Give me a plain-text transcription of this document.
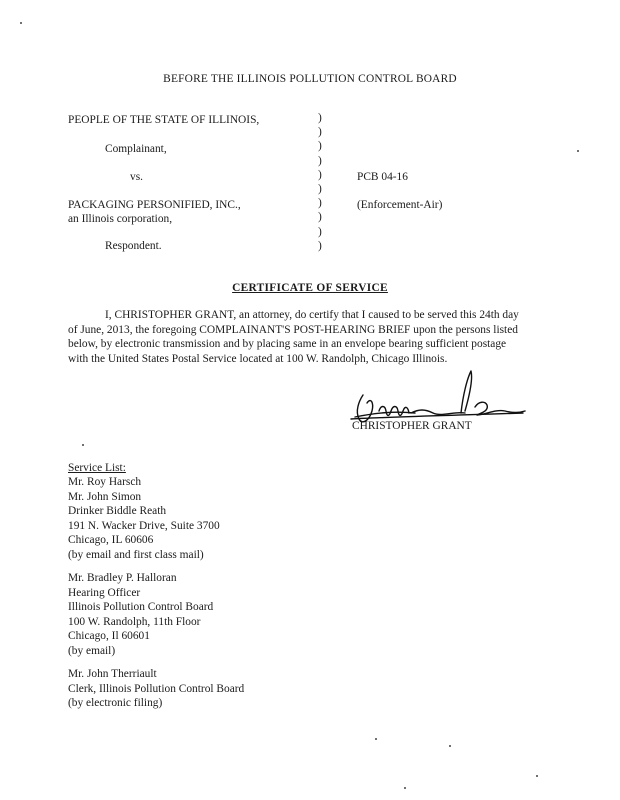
BEFORE THE ILLINOIS POLLUTION CONTROL BOARD
PEOPLE OF THE STATE OF ILLINOIS,
Complainant,
vs.
PACKAGING PERSONIFIED, INC.,
an Illinois corporation,
Respondent.
)
)
)
)
)
)
)
)
)
)
PCB 04-16
(Enforcement-Air)
CERTIFICATE OF SERVICE
I, CHRISTOPHER GRANT, an attorney, do certify that I caused to be served this 24th day of June, 2013, the foregoing COMPLAINANT'S POST-HEARING BRIEF upon the persons listed below, by electronic transmission and by placing same in an envelope bearing sufficient postage with the United States Postal Service located at 100 W. Randolph, Chicago Illinois.
CHRISTOPHER GRANT
Service List:
Mr. Roy Harsch
Mr. John Simon
Drinker Biddle Reath
191 N. Wacker Drive, Suite 3700
Chicago, IL 60606
(by email and first class mail)
Mr. Bradley P. Halloran
Hearing Officer
Illinois Pollution Control Board
100 W. Randolph, 11th Floor
Chicago, Il 60601
(by email)
Mr. John Therriault
Clerk, Illinois Pollution Control Board
(by electronic filing)
